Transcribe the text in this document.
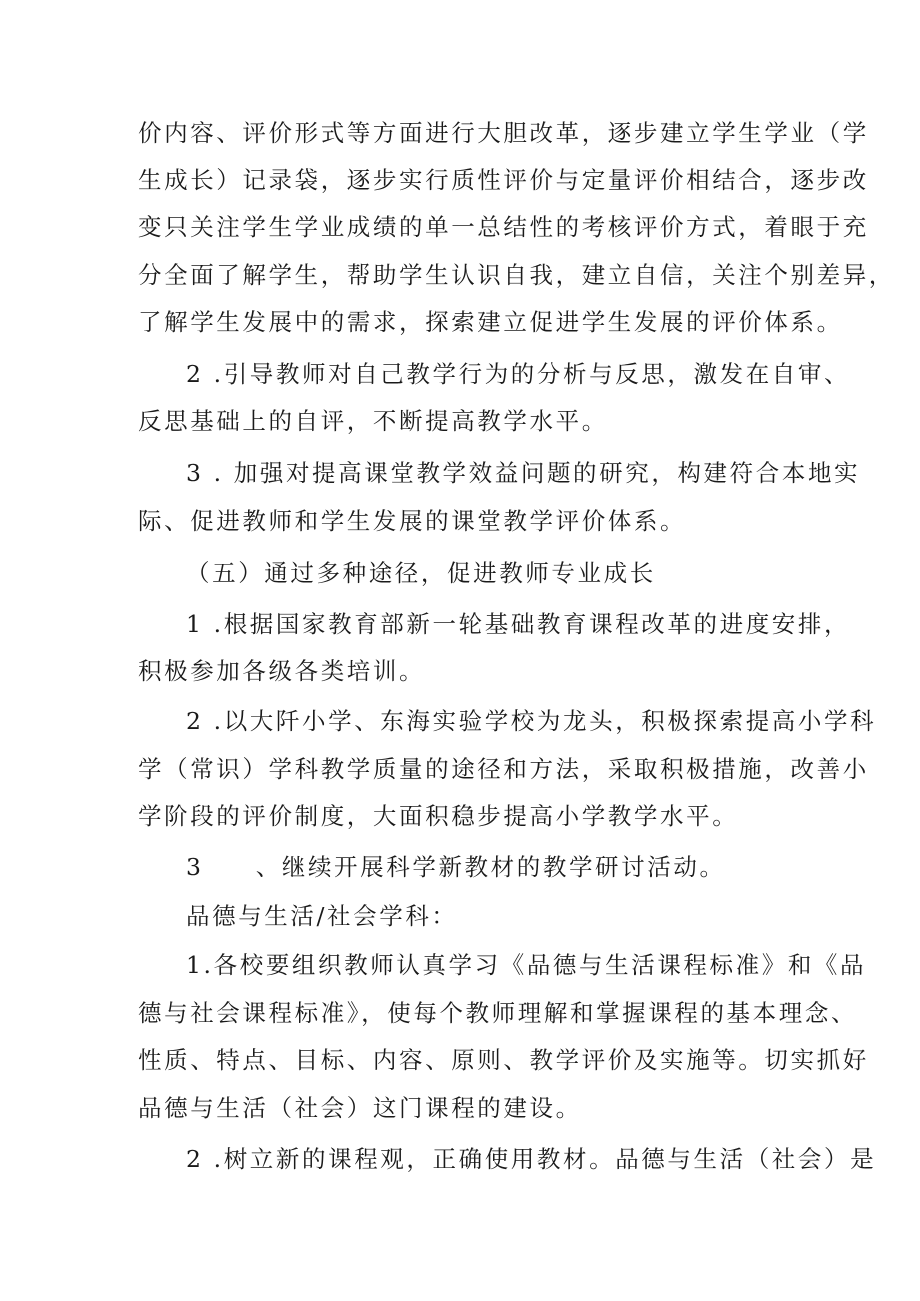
价内容、评价形式等方面进行大胆改革，逐步建立学生学业（学
生成长）记录袋，逐步实行质性评价与定量评价相结合，逐步改
变只关注学生学业成绩的单一总结性的考核评价方式，着眼于充
分全面了解学生，帮助学生认识自我，建立自信，关注个别差异，
了解学生发展中的需求，探索建立促进学生发展的评价体系。
2 .引导教师对自己教学行为的分析与反思，激发在自审、
反思基础上的自评，不断提高教学水平。
3 . 加强对提高课堂教学效益问题的研究，构建符合本地实
际、促进教师和学生发展的课堂教学评价体系。
（五）通过多种途径，促进教师专业成长
1 .根据国家教育部新一轮基础教育课程改革的进度安排，
积极参加各级各类培训。
2 .以大阡小学、东海实验学校为龙头，积极探索提高小学科
学（常识）学科教学质量的途径和方法，采取积极措施，改善小
学阶段的评价制度，大面积稳步提高小学教学水平。
3　　、继续开展科学新教材的教学研讨活动。
品德与生活/社会学科：
1.各校要组织教师认真学习《品德与生活课程标准》和《品
德与社会课程标准》，使每个教师理解和掌握课程的基本理念、
性质、特点、目标、内容、原则、教学评价及实施等。切实抓好
品德与生活（社会）这门课程的建设。
2 .树立新的课程观，正确使用教材。品德与生活（社会）是
